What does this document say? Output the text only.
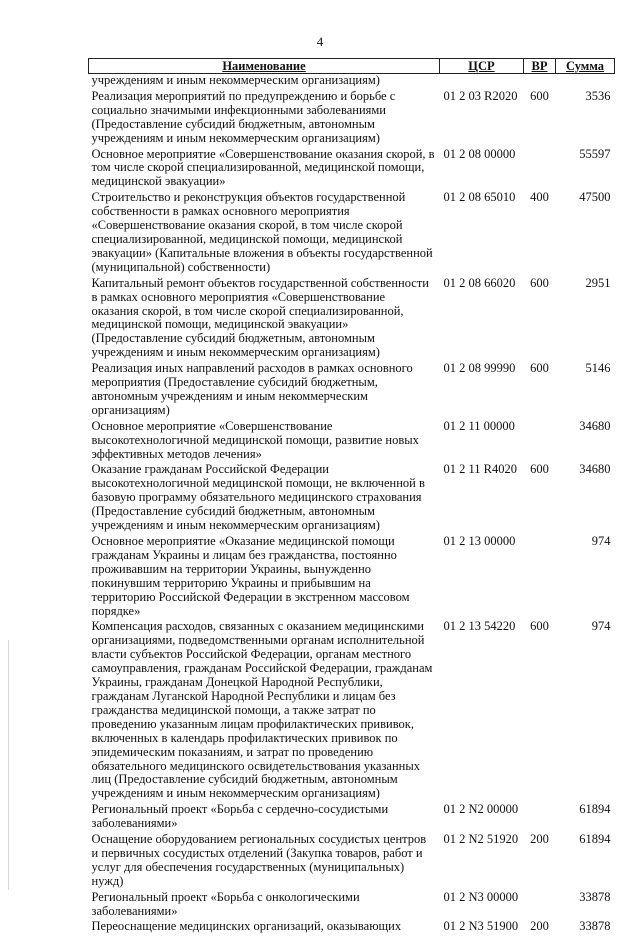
4
Наименование	ЦСР	ВР	Сумма
учреждениям и иным некоммерческим организациям)			
Реализация мероприятий по предупреждению и борьбе с социально значимыми инфекционными заболеваниями (Предоставление субсидий бюджетным, автономным учреждениям и иным некоммерческим организациям)	01 2 03 R2020	600	3536
Основное мероприятие «Совершенствование оказания скорой, в том числе скорой специализированной, медицинской помощи, медицинской эвакуации»	01 2 08 00000		55597
Строительство и реконструкция объектов государственной собственности в рамках основного мероприятия «Совершенствование оказания скорой, в том числе скорой специализированной, медицинской помощи, медицинской эвакуации» (Капитальные вложения в объекты государственной (муниципальной) собственности)	01 2 08 65010	400	47500
Капитальный ремонт объектов государственной собственности в рамках основного мероприятия «Совершенствование оказания скорой, в том числе скорой специализированной, медицинской помощи, медицинской эвакуации» (Предоставление субсидий бюджетным, автономным учреждениям и иным некоммерческим организациям)	01 2 08 66020	600	2951
Реализация иных направлений расходов в рамках основного мероприятия (Предоставление субсидий бюджетным, автономным учреждениям и иным некоммерческим организациям)	01 2 08 99990	600	5146
Основное мероприятие «Совершенствование высокотехнологичной медицинской помощи, развитие новых эффективных методов лечения»	01 2 11 00000		34680
Оказание гражданам Российской Федерации высокотехнологичной медицинской помощи, не включенной в базовую программу обязательного медицинского страхования (Предоставление субсидий бюджетным, автономным учреждениям и иным некоммерческим организациям)	01 2 11 R4020	600	34680
Основное мероприятие «Оказание медицинской помощи гражданам Украины и лицам без гражданства, постоянно проживавшим на территории Украины, вынужденно покинувшим территорию Украины и прибывшим на территорию Российской Федерации в экстренном массовом порядке»	01 2 13 00000		974
Компенсация расходов, связанных с оказанием медицинскими организациями, подведомственными органам исполнительной власти субъектов Российской Федерации, органам местного самоуправления, гражданам Российской Федерации, гражданам Украины, гражданам Донецкой Народной Республики, гражданам Луганской Народной Республики и лицам без гражданства медицинской помощи, а также затрат по проведению указанным лицам профилактических прививок, включенных в календарь профилактических прививок по эпидемическим показаниям, и затрат по проведению обязательного медицинского освидетельствования указанных лиц (Предоставление субсидий бюджетным, автономным учреждениям и иным некоммерческим организациям)	01 2 13 54220	600	974
Региональный проект «Борьба с сердечно-сосудистыми заболеваниями»	01 2 N2 00000		61894
Оснащение оборудованием региональных сосудистых центров и первичных сосудистых отделений (Закупка товаров, работ и услуг для обеспечения государственных (муниципальных) нужд)	01 2 N2 51920	200	61894
Региональный проект «Борьба с онкологическими заболеваниями»	01 2 N3 00000		33878
Переоснащение медицинских организаций, оказывающих	01 2 N3 51900	200	33878
